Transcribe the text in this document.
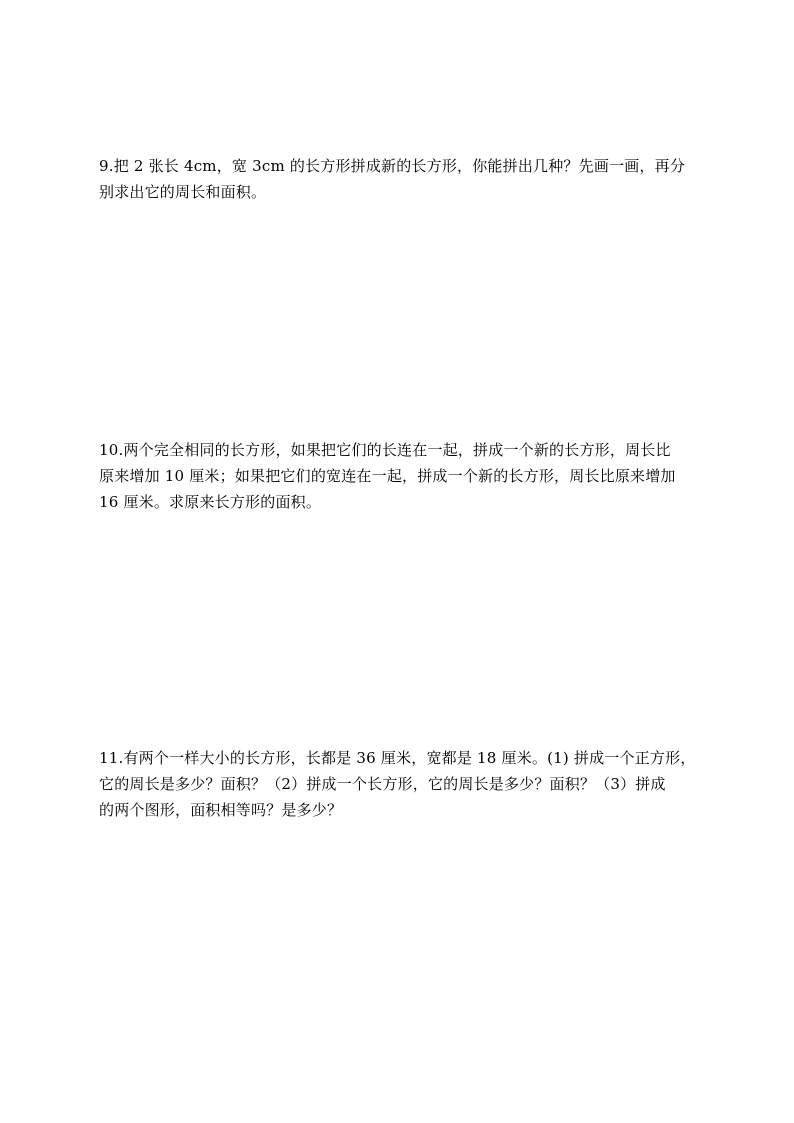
9.把 2 张长 4cm，宽 3cm 的长方形拼成新的长方形，你能拼出几种？先画一画，再分
别求出它的周长和面积。
10.两个完全相同的长方形，如果把它们的长连在一起，拼成一个新的长方形，周长比
原来增加 10 厘米；如果把它们的宽连在一起，拼成一个新的长方形，周长比原来增加
16 厘米。求原来长方形的面积。
11.有两个一样大小的长方形，长都是 36 厘米，宽都是 18 厘米。(1) 拼成一个正方形，
它的周长是多少？面积？（2）拼成一个长方形，它的周长是多少？面积？（3）拼成
的两个图形，面积相等吗？是多少？
